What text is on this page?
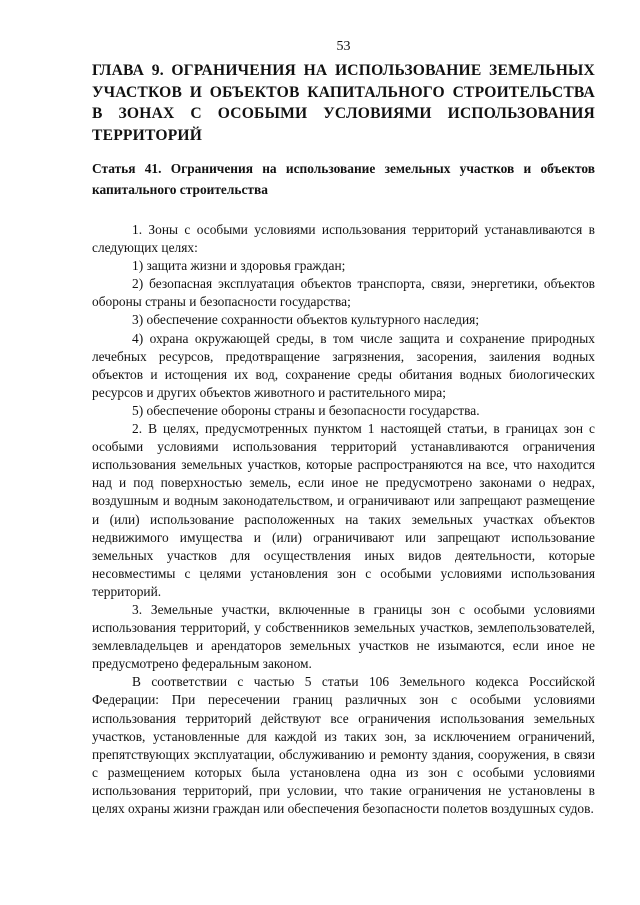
53
ГЛАВА 9. ОГРАНИЧЕНИЯ НА ИСПОЛЬЗОВАНИЕ ЗЕМЕЛЬНЫХ УЧАСТКОВ И ОБЪЕКТОВ КАПИТАЛЬНОГО СТРОИТЕЛЬСТВА В ЗОНАХ С ОСОБЫМИ УСЛОВИЯМИ ИСПОЛЬЗОВАНИЯ ТЕРРИТОРИЙ
Статья 41. Ограничения на использование земельных участков и объектов капитального строительства

1. Зоны с особыми условиями использования территорий устанавливаются в следующих целях:

1) защита жизни и здоровья граждан;

2) безопасная эксплуатация объектов транспорта, связи, энергетики, объектов обороны страны и безопасности государства;

3) обеспечение сохранности объектов культурного наследия;

4) охрана окружающей среды, в том числе защита и сохранение природных лечебных ресурсов, предотвращение загрязнения, засорения, заиления водных объектов и истощения их вод, сохранение среды обитания водных биологических ресурсов и других объектов животного и растительного мира;

5) обеспечение обороны страны и безопасности государства.

2. В целях, предусмотренных пунктом 1 настоящей статьи, в границах зон с особыми условиями использования территорий устанавливаются ограничения использования земельных участков, которые распространяются на все, что находится над и под поверхностью земель, если иное не предусмотрено законами о недрах, воздушным и водным законодательством, и ограничивают или запрещают размещение и (или) использование расположенных на таких земельных участках объектов недвижимого имущества и (или) ограничивают или запрещают использование земельных участков для осуществления иных видов деятельности, которые несовместимы с целями установления зон с особыми условиями использования территорий.

3. Земельные участки, включенные в границы зон с особыми условиями использования территорий, у собственников земельных участков, землепользователей, землевладельцев и арендаторов земельных участков не изымаются, если иное не предусмотрено федеральным законом.

В соответствии с частью 5 статьи 106 Земельного кодекса Российской Федерации: При пересечении границ различных зон с особыми условиями использования территорий действуют все ограничения использования земельных участков, установленные для каждой из таких зон, за исключением ограничений, препятствующих эксплуатации, обслуживанию и ремонту здания, сооружения, в связи с размещением которых была установлена одна из зон с особыми условиями использования территорий, при условии, что такие ограничения не установлены в целях охраны жизни граждан или обеспечения безопасности полетов воздушных судов.
